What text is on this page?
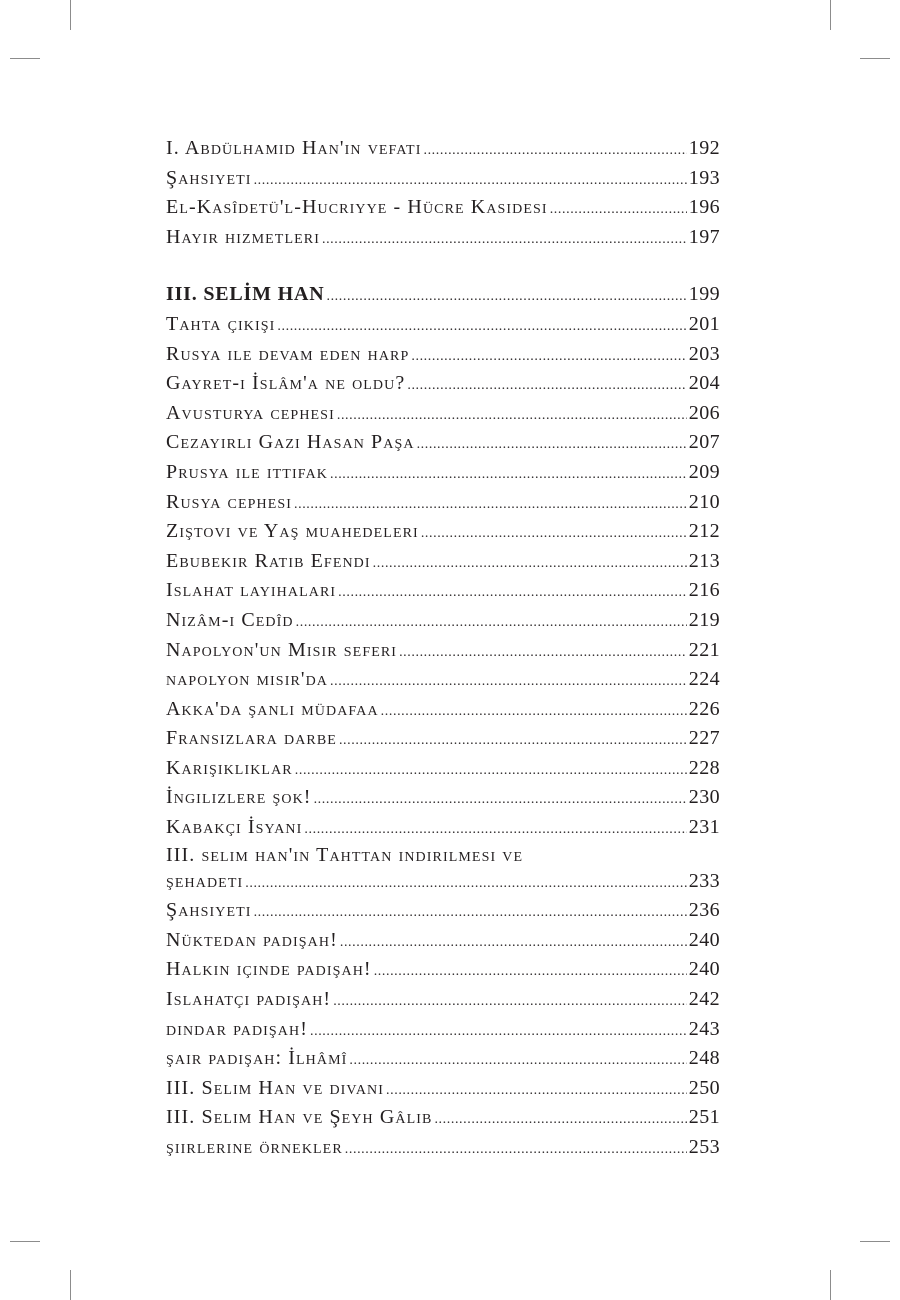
I. Abdülhamid Han'ın vefatı .....	192
Şahsiyeti .....	193
El-Kasîdetü'l-Hucriyye - Hücre Kasidesi .....	196
Hayır hizmetleri .....	197
III. SELİM HAN .....	199
Tahta çıkışı .....	201
Rusya ile devam eden harp .....	203
Gayret-i İslâm'a ne oldu? .....	204
Avusturya cephesi .....	206
Cezayirli Gazi Hasan Paşa .....	207
Prusya ile ittifak .....	209
Rusya cephesi .....	210
Ziştovi ve Yaş muahedeleri .....	212
Ebubekir Ratıb Efendi .....	213
Islahat layihaları .....	216
Nizâm-ı Cedîd .....	219
Napolyon'un Mısır seferi .....	221
napolyon mısır'da .....	224
Akka'da şanlı müdafaa .....	226
Fransızlara darbe .....	227
Karışıklıklar .....	228
İngilizlere şok! .....	230
Kabakçı İsyanı .....	231
III. selim han'ın Tahttan indirilmesi ve
şehadeti .....	233
Şahsiyeti .....	236
Nüktedan padişah! .....	240
Halkın içinde padişah! .....	240
Islahatçı padişah! .....	242
dindar padişah! .....	243
şair padişah: İlhâmî .....	248
III. Selim Han ve divanı .....	250
III. Selim Han ve Şeyh Gâlib .....	251
şiirlerine örnekler .....	253
